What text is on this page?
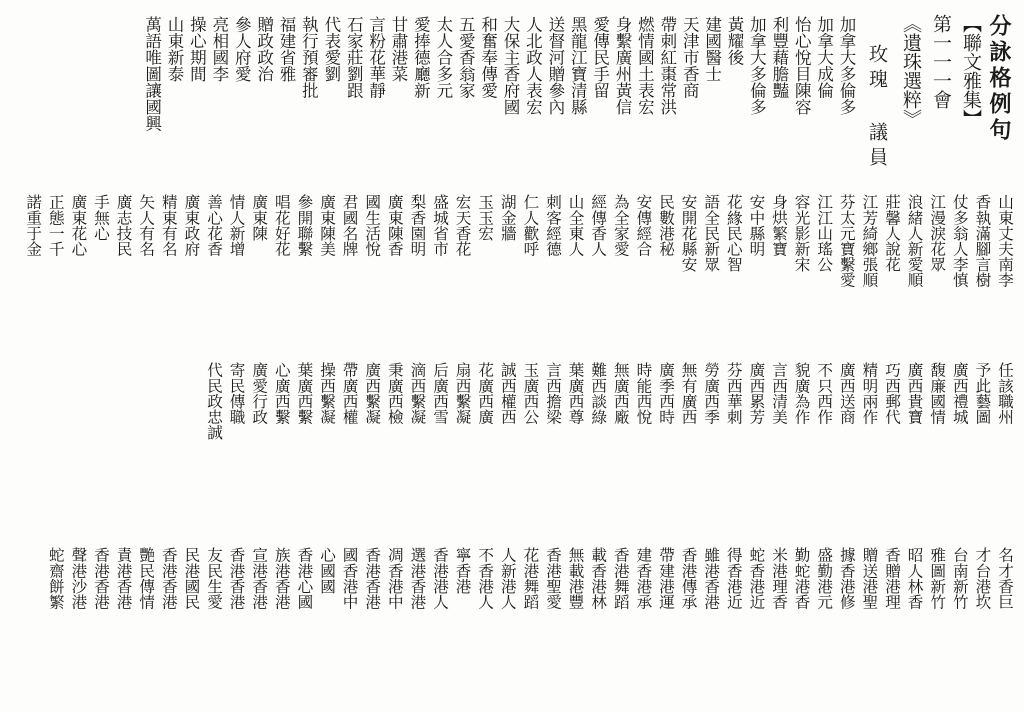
分詠格例句
【聯文雅集】
第一一一會
《遺珠選粹》
玫瑰 議員
加拿大多倫多
加拿大成倫
怡心悅目陳容
利豐藉膽豔
加拿大多倫多
黃耀後
建國醫士
天津市香商
帶刺紅棗常洪
燃情國土表宏
身繫廣州黃信
愛傳民手留
黑龍江寶清縣
送督河贈參內
人北政人表宏
大保主香府國
和奮奉傳愛
五愛香翁家
太人合多元
愛捧德廳新
甘肅港菜
言粉花華靜
石家莊劉跟
代表愛劉
執行預審批
福建省雅
贈政政治
參人府愛
亮相國李
操心期間
山東新泰
萬語唯圖讓國興
山東丈夫南李
香執滿腳言樹
仗多翁人李慎
江漫淚花眾
浪緒人新愛順
莊馨人說花
江芳綺鄉張順
芬太元寶繫愛
江江山瑤公
容光影新宋
身烘繁寶
安中縣明
花緣民心智
語全民新眾
安開花縣安
民數港秘
安傳經合
為全家愛
經傳香人
山全東人
刺客經德
仁人歡呼
湖金牆
玉玉宏
宏天香花
盛城省市
梨香園明
廣東陳香
國生活悅
君國名牌
廣東陳美
參開聯繫
唱花好花
廣東陳
情人新增
善心花香
廣東政府
精東有名
矢人有名
廣志技民
手無心
廣東花心
正態一千
諾重于金
任該職州
予此藝圖
廣西禮城
馥廉國情
廣西貴寶
巧西郵代
精明兩作
廣西送商
不只西作
貌廣為作
言西清美
廣西累芳
芬西華刺
勞廣西季
無有廣西
廣季西時
時能西悅
無廣西廠
難西談綠
葉廣西尊
言西擔梁
玉廣西公
誠西權西
花廣西廣
扇西繫凝
后廣西雪
滴西繫凝
秉廣西檢
廣西繫凝
帶廣西權
操西繫凝
葉廣西繫
心廣西繫
廣愛行政
寄民傳職
代民政忠誠
名才香巨
才台港坎
台南新竹
雅圖新竹
昭人林香
香贈港理
贈送港聖
據香港修
盛勤港元
勤蛇港香
米港理香
蛇香港近
得香港近
雖港香港
香港傳承
帶建港運
建香港承
香港舞蹈
載香港林
無載港豐
香港聖愛
花港舞蹈
人新港人
不香港人
寧香港
香港港人
選港香港
凋香港中
香港香港
國香港中
心國國
香港心國
族港香港
宣港香港
香港香港
友民生愛
民港國民
香港香港
艷民傳情
責港香港
香港香港
聲港沙港
蛇齋餅繁
